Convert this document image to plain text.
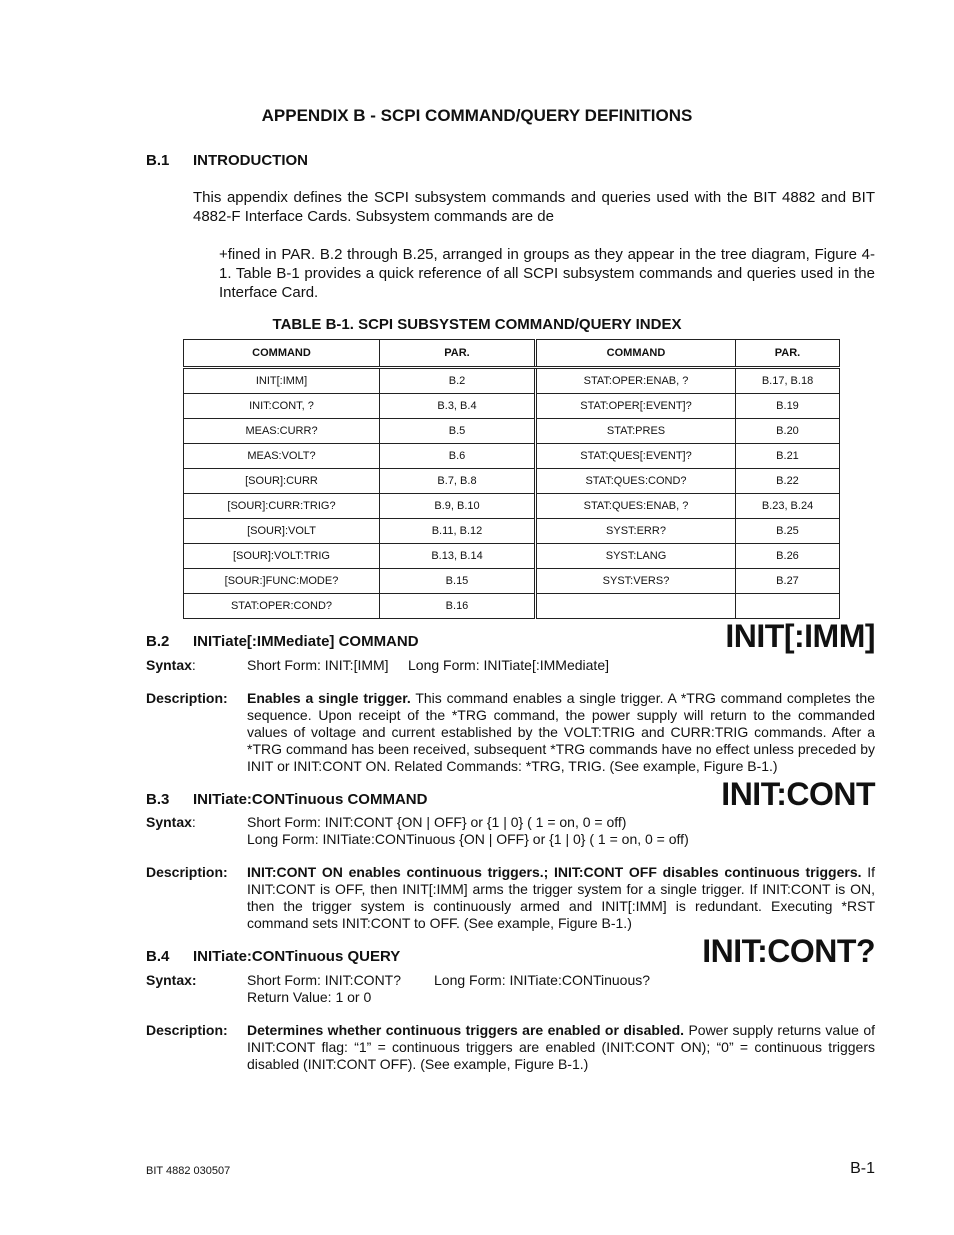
APPENDIX B - SCPI COMMAND/QUERY DEFINITIONS
B.1 INTRODUCTION
This appendix defines the SCPI subsystem commands and queries used with the BIT 4882 and BIT 4882-F Interface Cards. Subsystem commands are de
+fined in PAR. B.2 through B.25, arranged in groups as they appear in the tree diagram, Figure 4-1. Table B-1 provides a quick reference of all SCPI subsystem commands and queries used in the Interface Card.
TABLE B-1. SCPI SUBSYSTEM COMMAND/QUERY INDEX
COMMAND	PAR.	COMMAND	PAR.
INIT[:IMM]	B.2	STAT:OPER:ENAB, ?	B.17, B.18
INIT:CONT, ?	B.3, B.4	STAT:OPER[:EVENT]?	B.19
MEAS:CURR?	B.5	STAT:PRES	B.20
MEAS:VOLT?	B.6	STAT:QUES[:EVENT]?	B.21
[SOUR]:CURR	B.7, B.8	STAT:QUES:COND?	B.22
[SOUR]:CURR:TRIG?	B.9, B.10	STAT:QUES:ENAB, ?	B.23, B.24
[SOUR]:VOLT	B.11, B.12	SYST:ERR?	B.25
[SOUR]:VOLT:TRIG	B.13, B.14	SYST:LANG	B.26
[SOUR:]FUNC:MODE?	B.15	SYST:VERS?	B.27
STAT:OPER:COND?	B.16		
B.2 INITiate[:IMMediate] COMMAND	INIT[:IMM]
Syntax:	Short Form: INIT:[IMM] Long Form: INITiate[:IMMediate]
Description: Enables a single trigger. This command enables a single trigger. A *TRG command completes the sequence. Upon receipt of the *TRG command, the power supply will return to the commanded values of voltage and current established by the VOLT:TRIG and CURR:TRIG commands. After a *TRG command has been received, subsequent *TRG commands have no effect unless preceded by INIT or INIT:CONT ON. Related Commands: *TRG, TRIG. (See example, Figure B-1.)
B.3 INITiate:CONTinuous COMMAND	INIT:CONT
Syntax:	Short Form: INIT:CONT {ON | OFF} or {1 | 0} ( 1 = on, 0 = off)
Long Form: INITiate:CONTinuous {ON | OFF} or {1 | 0} ( 1 = on, 0 = off)
Description: INIT:CONT ON enables continuous triggers.; INIT:CONT OFF disables continuous triggers. If INIT:CONT is OFF, then INIT[:IMM] arms the trigger system for a single trigger. If INIT:CONT is ON, then the trigger system is continuously armed and INIT[:IMM] is redundant. Executing *RST command sets INIT:CONT to OFF. (See example, Figure B-1.)
B.4 INITiate:CONTinuous QUERY	INIT:CONT?
Syntax:	Short Form: INIT:CONT? Long Form: INITiate:CONTinuous?
Return Value: 1 or 0
Description: Determines whether continuous triggers are enabled or disabled. Power supply returns value of INIT:CONT flag: “1” = continuous triggers are enabled (INIT:CONT ON); “0” = continuous triggers disabled (INIT:CONT OFF). (See example, Figure B-1.)
BIT 4882 030507	B-1
